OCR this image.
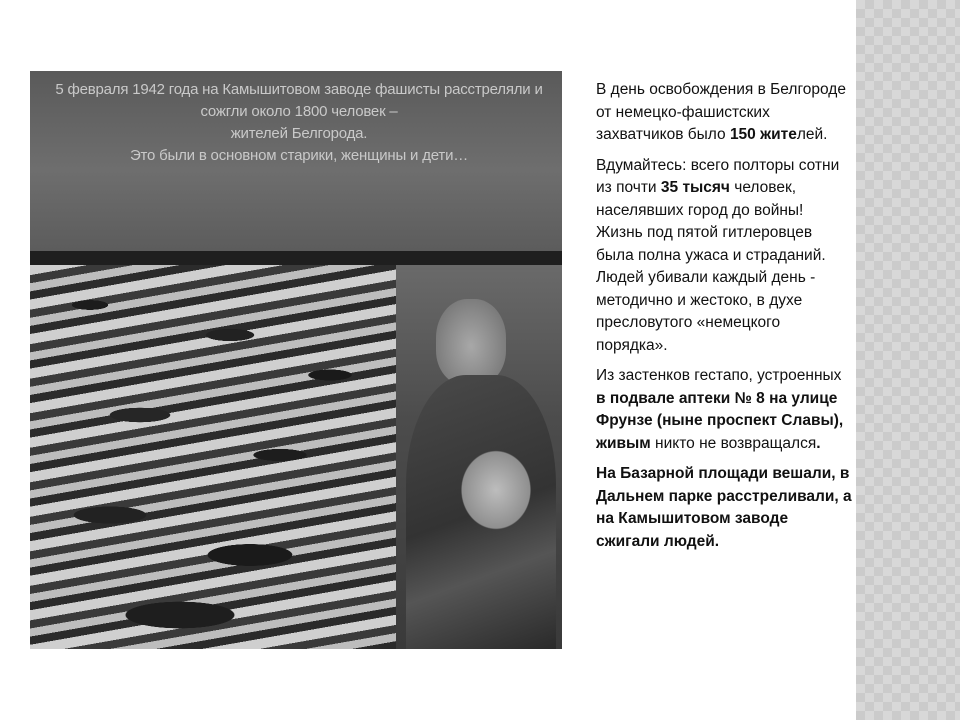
5 февраля 1942 года на Камышитовом заводе фашисты расстреляли и
сожгли около 1800 человек –
жителей Белгорода.
Это были в основном старики, женщины и дети…

В день освобождения в Белгороде от немецко-фашистских захватчиков было 150 жителей.

Вдумайтесь: всего полторы сотни из почти 35 тысяч человек, населявших город до войны!

Жизнь под пятой гитлеровцев была полна ужаса и страданий. Людей убивали каждый день - методично и жестоко, в духе пресловутого «немецкого порядка».

Из застенков гестапо, устроенных в подвале аптеки № 8 на улице Фрунзе (ныне проспект Славы), живым никто не возвращался.

На Базарной площади вешали, в Дальнем парке расстреливали, а на Камышитовом заводе сжигали людей.
